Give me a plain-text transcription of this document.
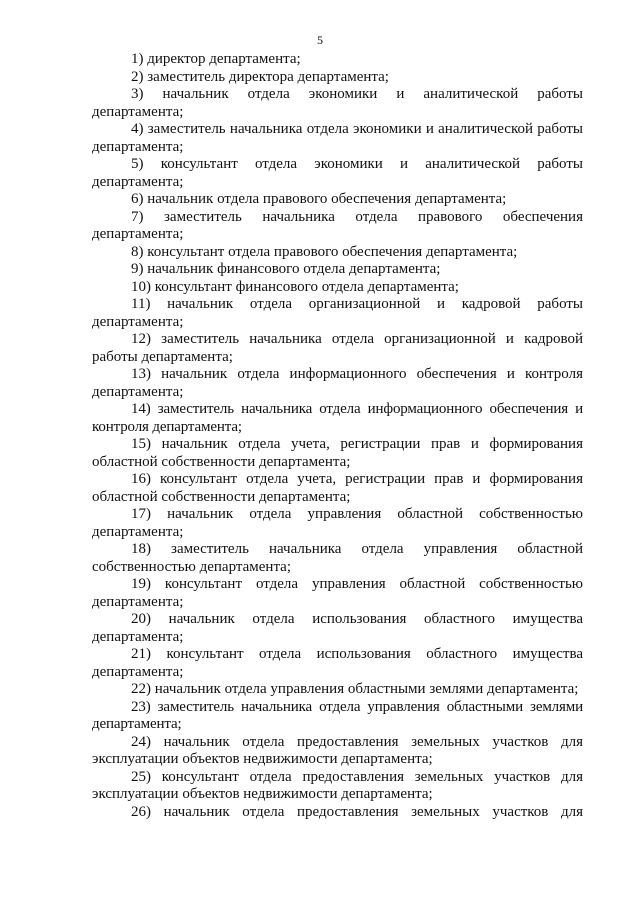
5

1) директор департамента;

2) заместитель директора департамента;

3) начальник отдела экономики и аналитической работы департамента;

4) заместитель начальника отдела экономики и аналитической работы департамента;

5) консультант отдела экономики и аналитической работы департамента;

6) начальник отдела правового обеспечения департамента;

7) заместитель начальника отдела правового обеспечения департамента;

8) консультант отдела правового обеспечения департамента;

9) начальник финансового отдела департамента;

10) консультант финансового отдела департамента;

11) начальник отдела организационной и кадровой работы департамента;

12) заместитель начальника отдела организационной и кадровой работы департамента;

13) начальник отдела информационного обеспечения и контроля департамента;

14) заместитель начальника отдела информационного обеспечения и контроля департамента;

15) начальник отдела учета, регистрации прав и формирования областной собственности департамента;

16) консультант отдела учета, регистрации прав и формирования областной собственности департамента;

17) начальник отдела управления областной собственностью департамента;

18) заместитель начальника отдела управления областной собственностью департамента;

19) консультант отдела управления областной собственностью департамента;

20) начальник отдела использования областного имущества департамента;

21) консультант отдела использования областного имущества департамента;

22) начальник отдела управления областными землями департамента;

23) заместитель начальника отдела управления областными землями департамента;

24) начальник отдела предоставления земельных участков для эксплуатации объектов недвижимости департамента;

25) консультант отдела предоставления земельных участков для эксплуатации объектов недвижимости департамента;

26) начальник отдела предоставления земельных участков для
